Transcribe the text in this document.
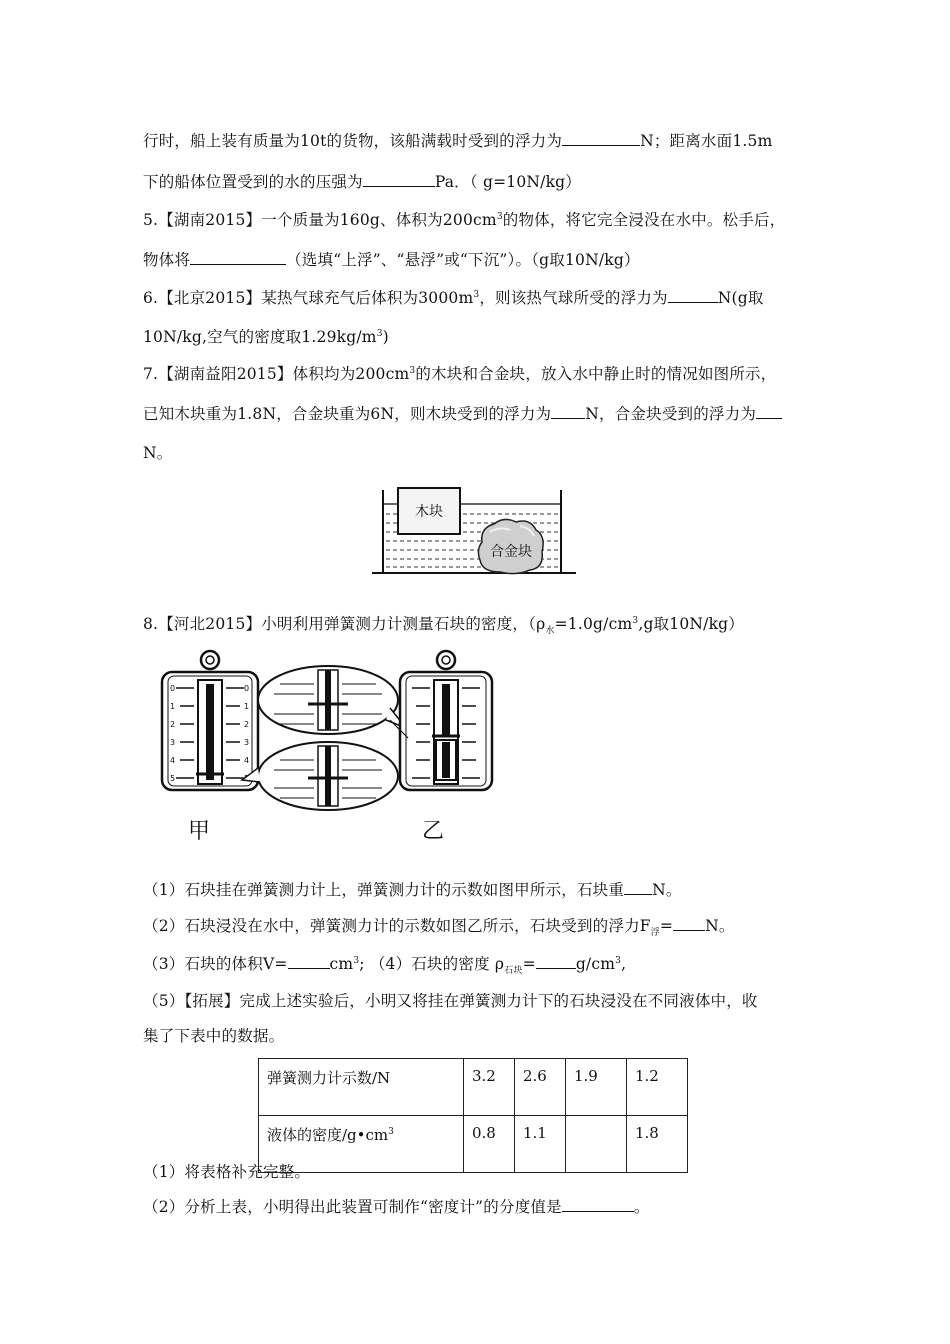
行时，船上装有质量为10t的货物，该船满载时受到的浮力为	N；距离水面1.5m
下的船体位置受到的水的压强为	Pa．（ g=10N/kg）
5.【湖南2015】一个质量为160g、体积为$200cm^3$的物体，将它完全浸没在水中。松手后，
物体将	（选填“上浮”、“悬浮”或“下沉”）。（g取10N/kg）
6.【北京2015】某热气球充气后体积为$3000m^3$，则该热气球所受的浮力为	N(g取
10N/kg,空气的密度取$1.29kg/m^3$)
7.【湖南益阳2015】体积均为$200cm^3$的木块和合金块，放入水中静止时的情况如图所示，
已知木块重为1.8N，合金块重为6N，则木块受到的浮力为 N，合金块受到的浮力为
N。
木块
合金块
8.【河北2015】小明利用弹簧测力计测量石块的密度，（$\rho_水=1.0g/cm^3,g$取10N/kg）
0
1
2
3
4
5
0
1
2
3
4
甲	乙
（1）石块挂在弹簧测力计上，弹簧测力计的示数如图甲所示，石块重 N。
（2）石块浸没在水中，弹簧测力计的示数如图乙所示，石块受到的浮力$F_浮= N$。
（3）石块的体积V=	$cm^3$; （4）石块的密度 $\rho_{石块}=$	$g/cm^3$,
（5）【拓展】完成上述实验后，小明又将挂在弹簧测力计下的石块浸没在不同液体中，收
集了下表中的数据。
弹簧测力计示数/N	3.2	2.6	1.9	1.2
液体的密度$/g•cm^3$	0.8	1.1		1.8
（1）将表格补充完整。
（2）分析上表，小明得出此装置可制作“密度计”的分度值是	。
